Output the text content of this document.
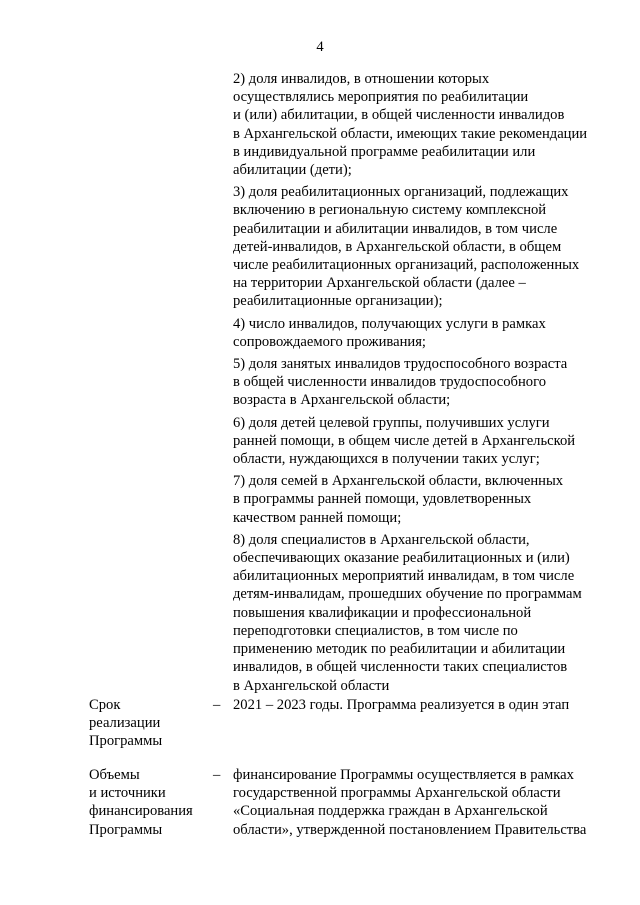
4

2) доля инвалидов, в отношении которых
осуществлялись мероприятия по реабилитации
и (или) абилитации, в общей численности инвалидов
в Архангельской области, имеющих такие рекомендации
в индивидуальной программе реабилитации или
абилитации (дети);

3) доля реабилитационных организаций, подлежащих
включению в региональную систему комплексной
реабилитации и абилитации инвалидов, в том числе
детей-инвалидов, в Архангельской области, в общем
числе реабилитационных организаций, расположенных
на территории Архангельской области (далее –
реабилитационные организации);

4) число инвалидов, получающих услуги в рамках
сопровождаемого проживания;

5) доля занятых инвалидов трудоспособного возраста
в общей численности инвалидов трудоспособного
возраста в Архангельской области;

6) доля детей целевой группы, получивших услуги
ранней помощи, в общем числе детей в Архангельской
области, нуждающихся в получении таких услуг;

7) доля семей в Архангельской области, включенных
в программы ранней помощи, удовлетворенных
качеством ранней помощи;

8) доля специалистов в Архангельской области,
обеспечивающих оказание реабилитационных и (или)
абилитационных мероприятий инвалидам, в том числе
детям-инвалидам, прошедших обучение по программам
повышения квалификации и профессиональной
переподготовки специалистов, в том числе по
применению методик по реабилитации и абилитации
инвалидов, в общей численности таких специалистов
в Архангельской области

Срок
реализации
Программы
– 2021 – 2023 годы. Программа реализуется в один этап
Объемы
и источники
финансирования
Программы
– финансирование Программы осуществляется в рамках
государственной программы Архангельской области
«Социальная поддержка граждан в Архангельской
области», утвержденной постановлением Правительства
